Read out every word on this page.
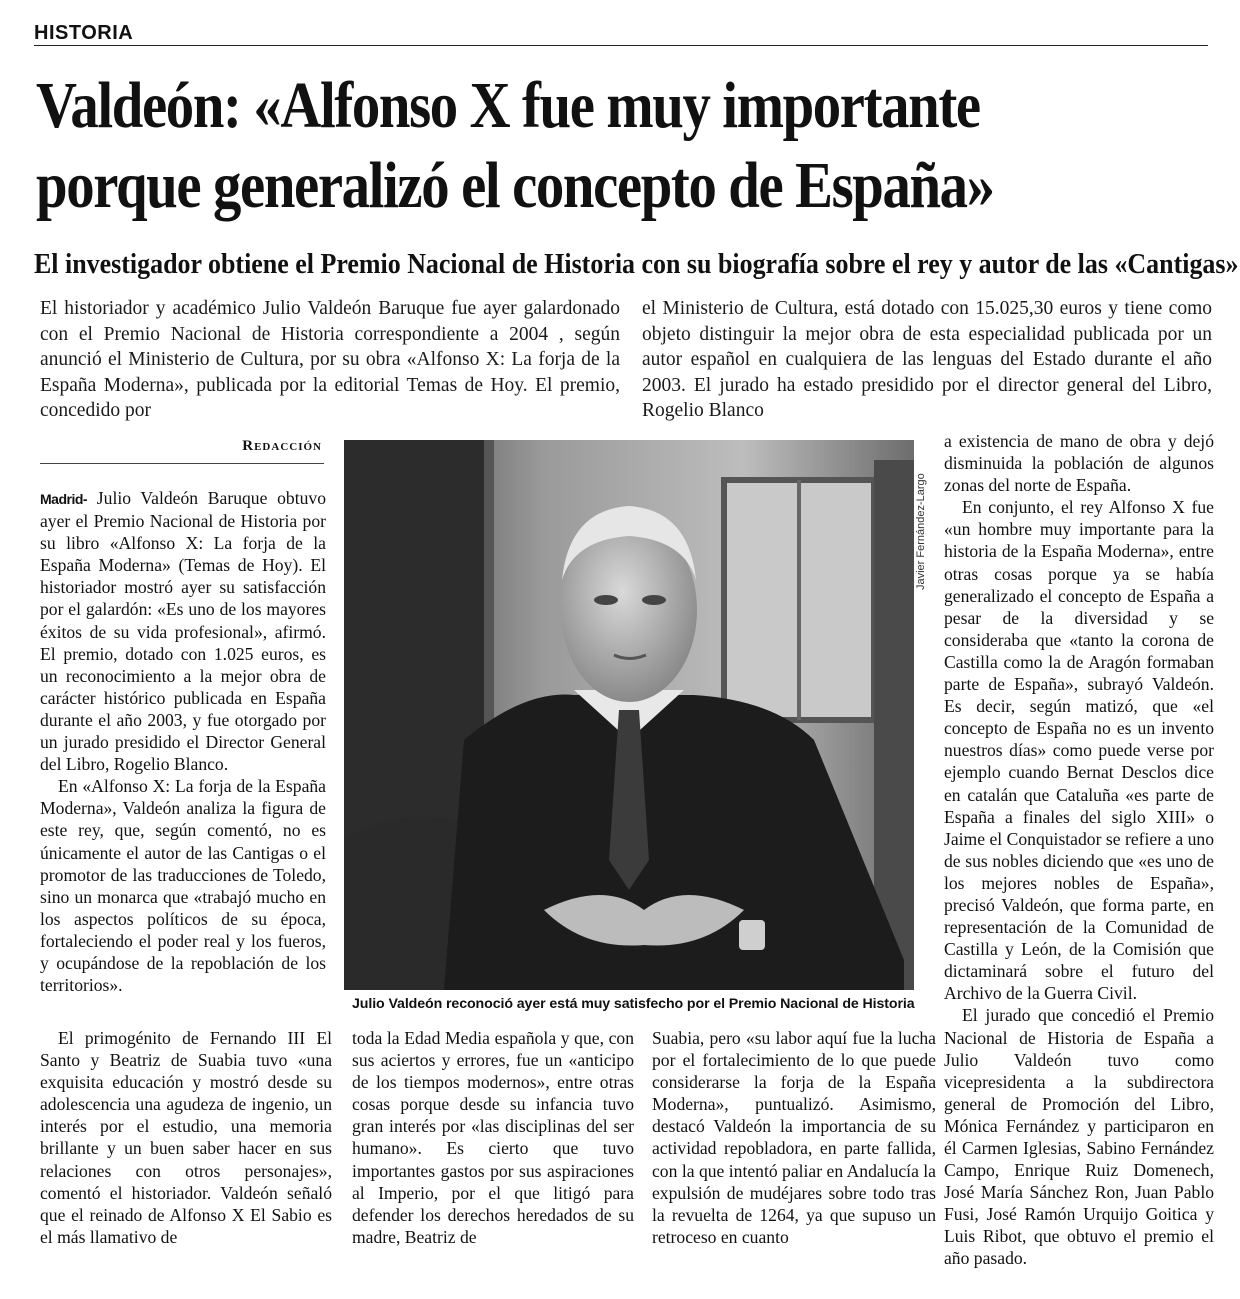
HISTORIA
Valdeón: «Alfonso X fue muy importante
porque generalizó el concepto de España»
El investigador obtiene el Premio Nacional de Historia con su biografía sobre el rey y autor de las «Cantigas»

El historiador y académico Julio Valdeón Baruque fue ayer galardonado con el Premio Nacional de Historia correspondiente a 2004 , según anunció el Ministerio de Cultura, por su obra «Alfonso X: La forja de la España Moderna», publicada por la editorial Temas de Hoy. El premio, concedido por

el Ministerio de Cultura, está dotado con 15.025,30 euros y tiene como objeto distinguir la mejor obra de esta especialidad publicada por un autor español en cualquiera de las lenguas del Estado durante el año 2003. El jurado ha estado presidido por el director general del Libro, Rogelio Blanco

Redacción

Madrid- Julio Valdeón Baruque obtuvo ayer el Premio Nacional de Historia por su libro «Alfonso X: La forja de la España Moderna» (Temas de Hoy). El historiador mostró ayer su satisfacción por el galardón: «Es uno de los mayores éxitos de su vida profesional», afirmó. El premio, dotado con 1.025 euros, es un reconocimiento a la mejor obra de carácter histórico publicada en España durante el año 2003, y fue otorgado por un jurado presidido el Director General del Libro, Rogelio Blanco.

En «Alfonso X: La forja de la España Moderna», Valdeón analiza la figura de este rey, que, según comentó, no es únicamente el autor de las Cantigas o el promotor de las traducciones de Toledo, sino un monarca que «trabajó mucho en los aspectos políticos de su época, fortaleciendo el poder real y los fueros, y ocupándose de la repoblación de los territorios».

Javier Fernández-Largo
Julio Valdeón reconoció ayer está muy satisfecho por el Premio Nacional de Historia

El primogénito de Fernando III El Santo y Beatriz de Suabia tuvo «una exquisita educación y mostró desde su adolescencia una agudeza de ingenio, un interés por el estudio, una memoria brillante y un buen saber hacer en sus relaciones con otros personajes», comentó el historiador. Valdeón señaló que el reinado de Alfonso X El Sabio es el más llamativo de

toda la Edad Media española y que, con sus aciertos y errores, fue un «anticipo de los tiempos modernos», entre otras cosas porque desde su infancia tuvo gran interés por «las disciplinas del ser humano». Es cierto que tuvo importantes gastos por sus aspiraciones al Imperio, por el que litigó para defender los derechos heredados de su madre, Beatriz de

Suabia, pero «su labor aquí fue la lucha por el fortalecimiento de lo que puede considerarse la forja de la España Moderna», puntualizó. Asimismo, destacó Valdeón la importancia de su actividad repobladora, en parte fallida, con la que intentó paliar en Andalucía la expulsión de mudéjares sobre todo tras la revuelta de 1264, ya que supuso un retroceso en cuanto

a existencia de mano de obra y dejó disminuida la población de algunos zonas del norte de España.

En conjunto, el rey Alfonso X fue «un hombre muy importante para la historia de la España Moderna», entre otras cosas porque ya se había generalizado el concepto de España a pesar de la diversidad y se consideraba que «tanto la corona de Castilla como la de Aragón formaban parte de España», subrayó Valdeón. Es decir, según matizó, que «el concepto de España no es un invento nuestros días» como puede verse por ejemplo cuando Bernat Desclos dice en catalán que Cataluña «es parte de España a finales del siglo XIII» o Jaime el Conquistador se refiere a uno de sus nobles diciendo que «es uno de los mejores nobles de España», precisó Valdeón, que forma parte, en representación de la Comunidad de Castilla y León, de la Comisión que dictaminará sobre el futuro del Archivo de la Guerra Civil.

El jurado que concedió el Premio Nacional de Historia de España a Julio Valdeón tuvo como vicepresidenta a la subdirectora general de Promoción del Libro, Mónica Fernández y participaron en él Carmen Iglesias, Sabino Fernández Campo, Enrique Ruiz Domenech, José María Sánchez Ron, Juan Pablo Fusi, José Ramón Urquijo Goitica y Luis Ribot, que obtuvo el premio el año pasado.
